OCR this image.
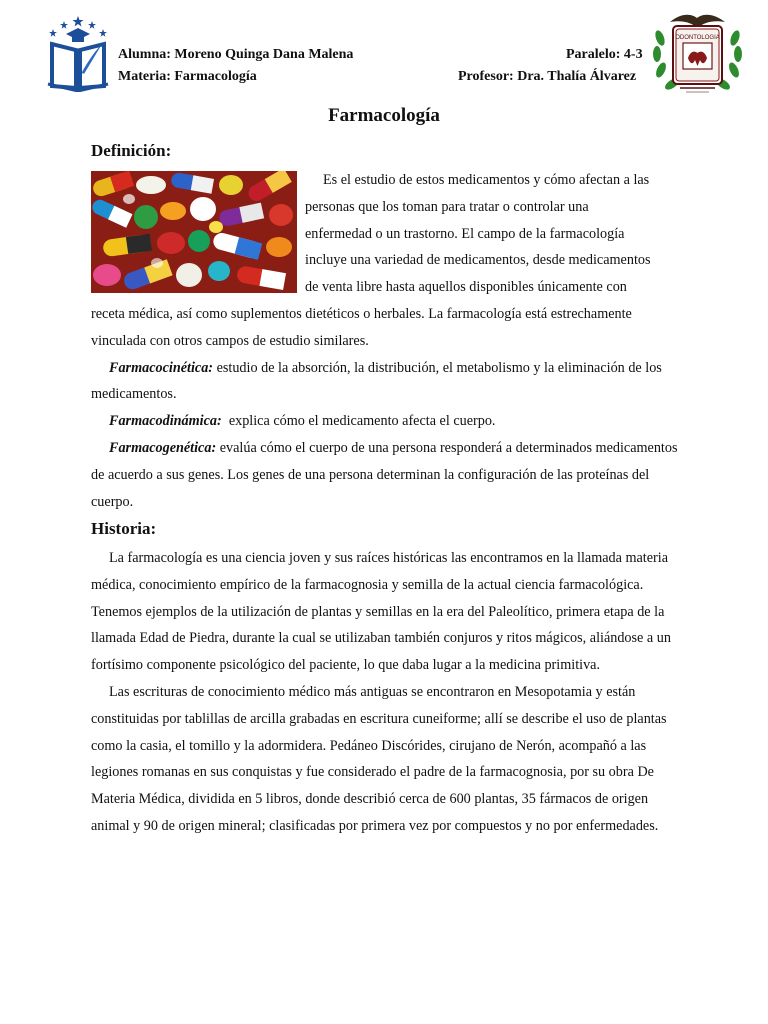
Alumna: Moreno Quinga Dana Malena
Materia: Farmacología
Paralelo: 4-3
Profesor: Dra. Thalía Álvarez
ODONTOLOGIA
Farmacología
Definición:
Es el estudio de estos medicamentos y cómo afectan a las
personas que los toman para tratar o controlar una
enfermedad o un trastorno. El campo de la farmacología
incluye una variedad de medicamentos, desde medicamentos
de venta libre hasta aquellos disponibles únicamente con

receta médica, así como suplementos dietéticos o herbales. La farmacología está estrechamente vinculada con otros campos de estudio similares.

Farmacocinética: estudio de la absorción, la distribución, el metabolismo y la eliminación de los medicamentos.

Farmacodinámica:  explica cómo el medicamento afecta el cuerpo.

Farmacogenética: evalúa cómo el cuerpo de una persona responderá a determinados medicamentos de acuerdo a sus genes. Los genes de una persona determinan la configuración de las proteínas del cuerpo.

Historia:

La farmacología es una ciencia joven y sus raíces históricas las encontramos en la llamada materia médica, conocimiento empírico de la farmacognosia y semilla de la actual ciencia farmacológica. Tenemos ejemplos de la utilización de plantas y semillas en la era del Paleolítico, primera etapa de la llamada Edad de Piedra, durante la cual se utilizaban también conjuros y ritos mágicos, aliándose a un fortísimo componente psicológico del paciente, lo que daba lugar a la medicina primitiva.

Las escrituras de conocimiento médico más antiguas se encontraron en Mesopotamia y están constituidas por tablillas de arcilla grabadas en escritura cuneiforme; allí se describe el uso de plantas como la casia, el tomillo y la adormidera. Pedáneo Discórides, cirujano de Nerón, acompañó a las legiones romanas en sus conquistas y fue considerado el padre de la farmacognosia, por su obra De Materia Médica, dividida en 5 libros, donde describió cerca de 600 plantas, 35 fármacos de origen animal y 90 de origen mineral; clasificadas por primera vez por compuestos y no por enfermedades.
